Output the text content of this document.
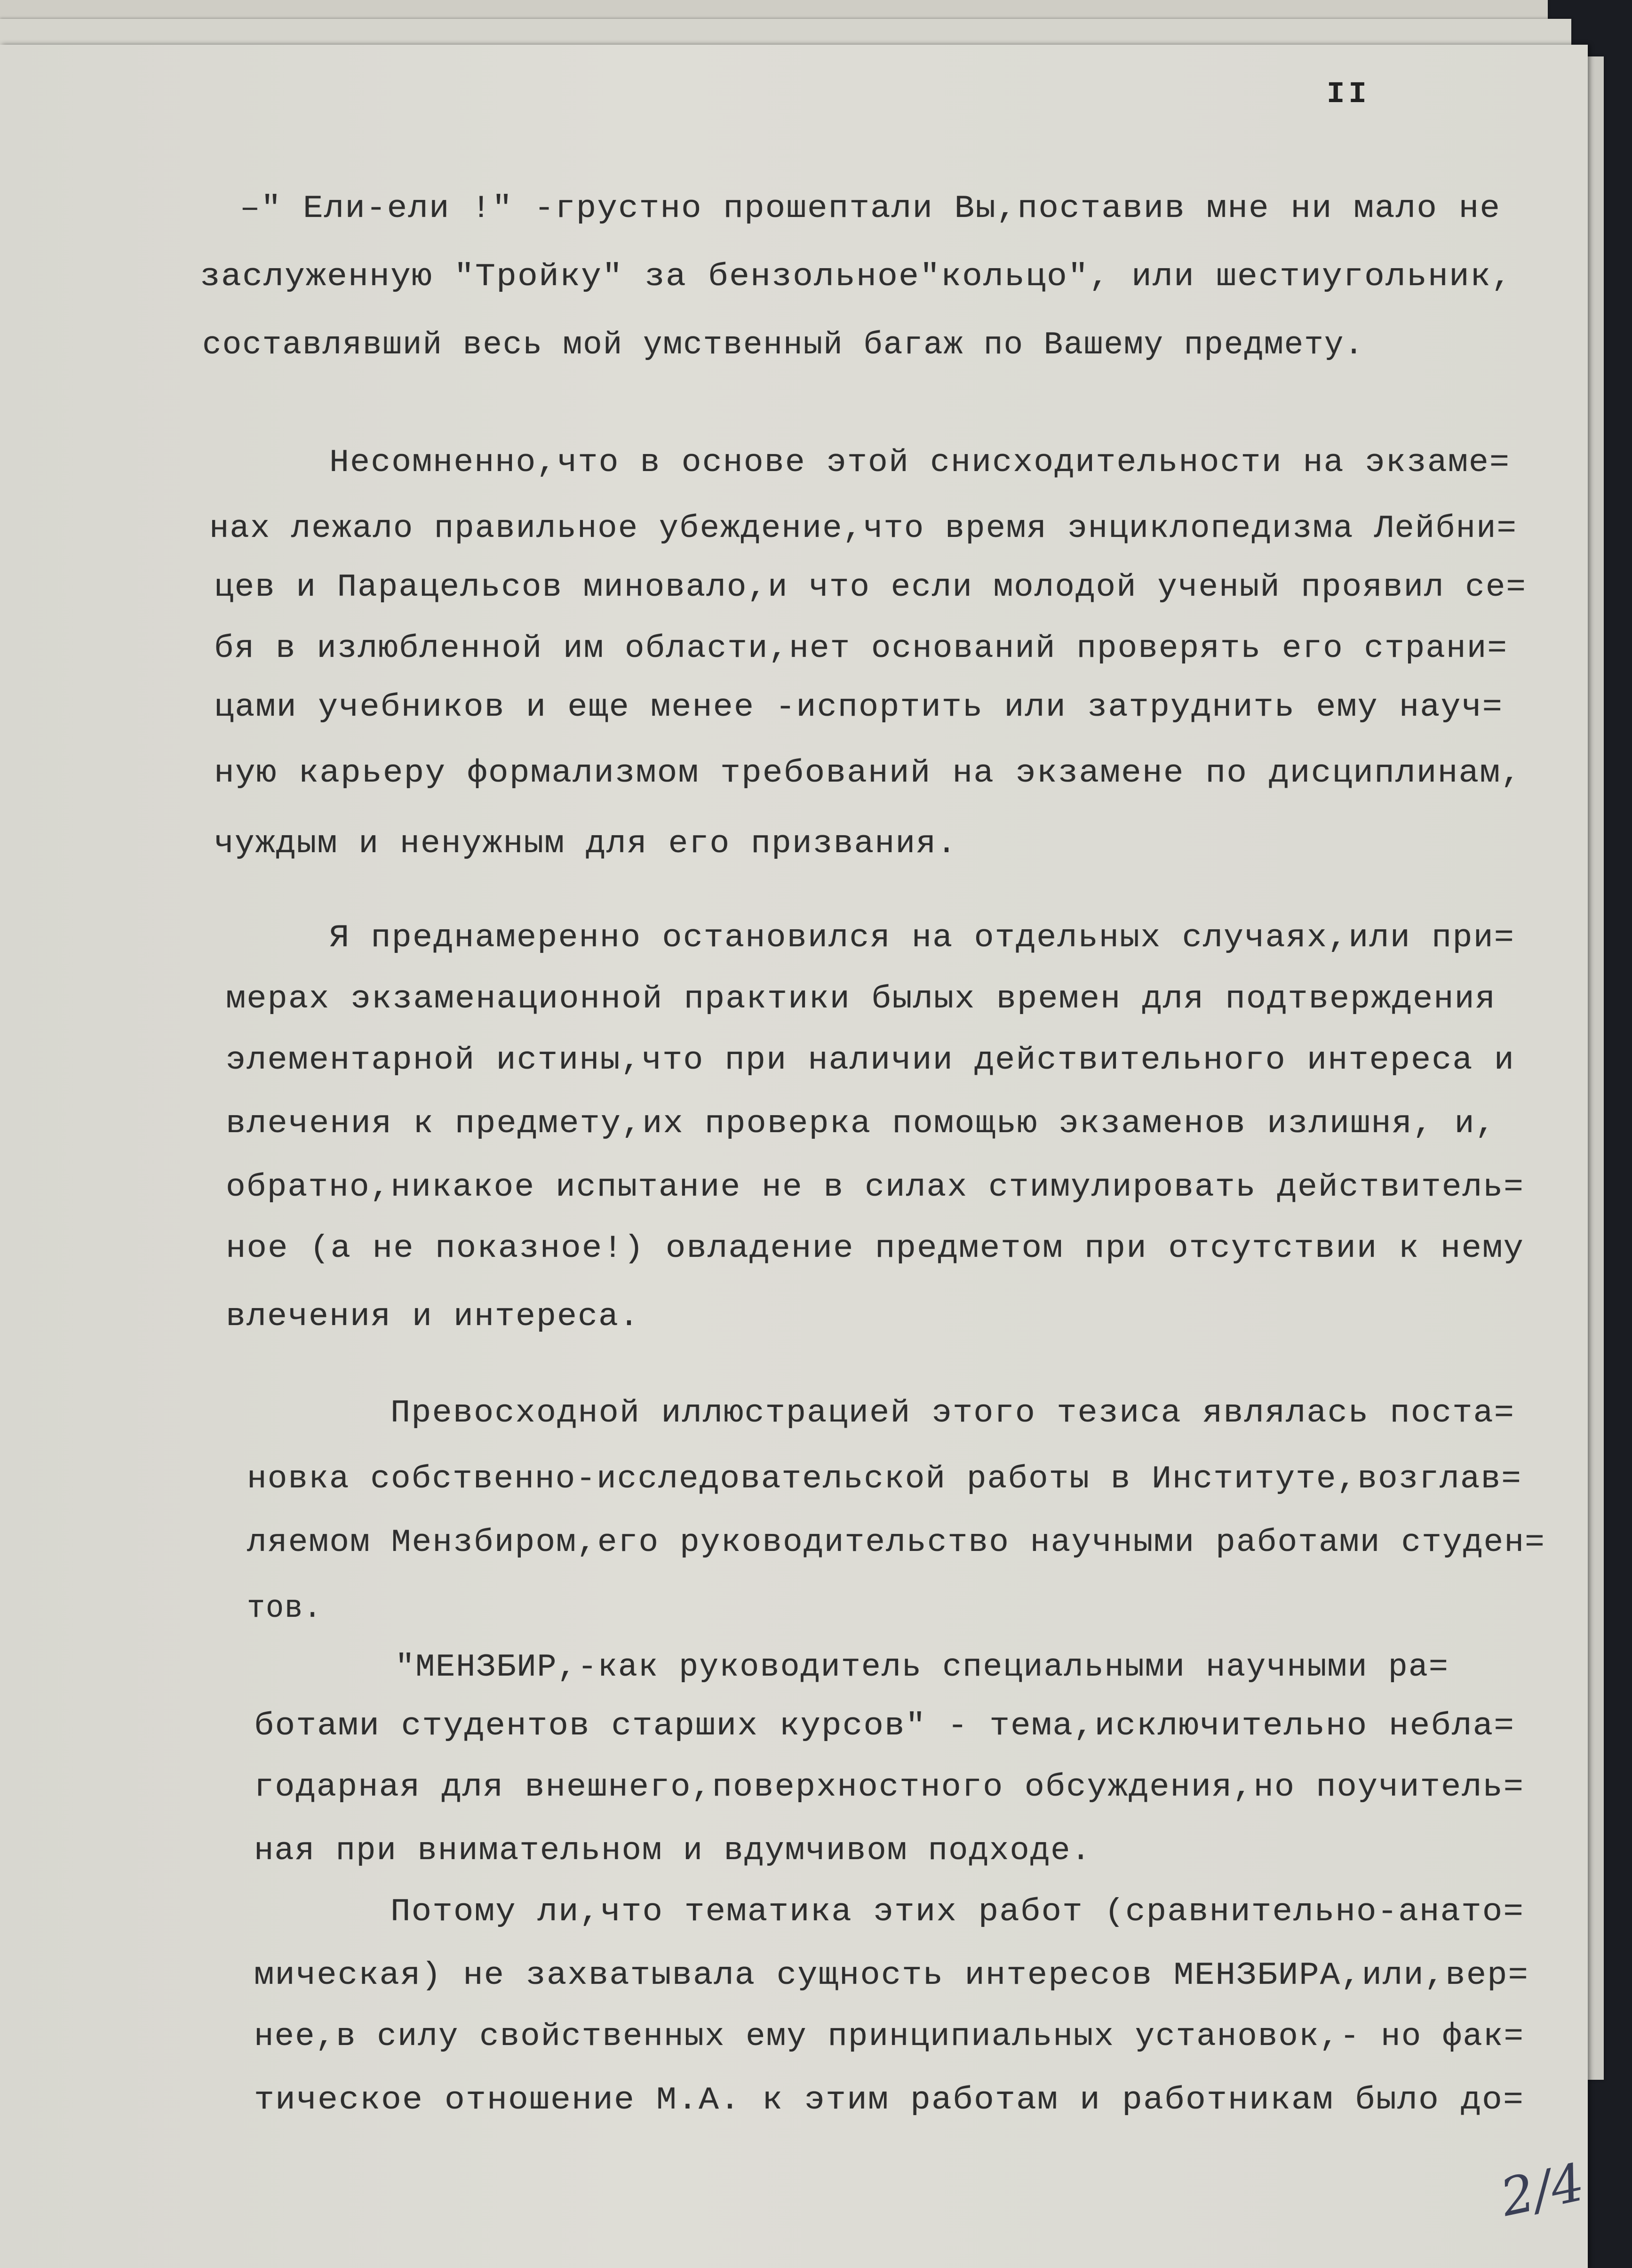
II
–" Ели-ели !" -грустно прошептали Вы,поставив мне ни мало не
заслуженную "Тройку" за бензольное"кольцо", или шестиугольник,
составлявший весь мой умственный багаж по Вашему предмету.
Несомненно,что в основе этой снисходительности на экзаме=
нах лежало правильное убеждение,что время энциклопедизма Лейбни=
цев и Парацельсов миновало,и что если молодой ученый проявил се=
бя в излюбленной им области,нет оснований проверять его страни=
цами учебников и еще менее -испортить или затруднить ему науч=
ную карьеру формализмом требований на экзамене по дисциплинам,
чуждым и ненужным для его призвания.
Я преднамеренно остановился на отдельных случаях,или при=
мерах экзаменационной практики былых времен для подтверждения
элементарной истины,что при наличии действительного интереса и
влечения к предмету,их проверка помощью экзаменов излишня, и,
обратно,никакое испытание не в силах стимулировать действитель=
ное (а не показное!) овладение предметом при отсутствии к нему
влечения и интереса.
Превосходной иллюстрацией этого тезиса являлась поста=
новка собственно-исследовательской работы в Институте,возглав=
ляемом Мензбиром,его руководительство научными работами студен=
тов.
"МЕНЗБИР,-как руководитель специальными научными ра=
ботами студентов старших курсов" - тема,исключительно небла=
годарная для внешнего,поверхностного обсуждения,но поучитель=
ная при внимательном и вдумчивом подходе.
Потому ли,что тематика этих работ (сравнительно-анато=
мическая) не захватывала сущность интересов МЕНЗБИРА,или,вер=
нее,в силу свойственных ему принципиальных установок,- но фак=
тическое отношение М.А. к этим работам и работникам было до=
2/4
